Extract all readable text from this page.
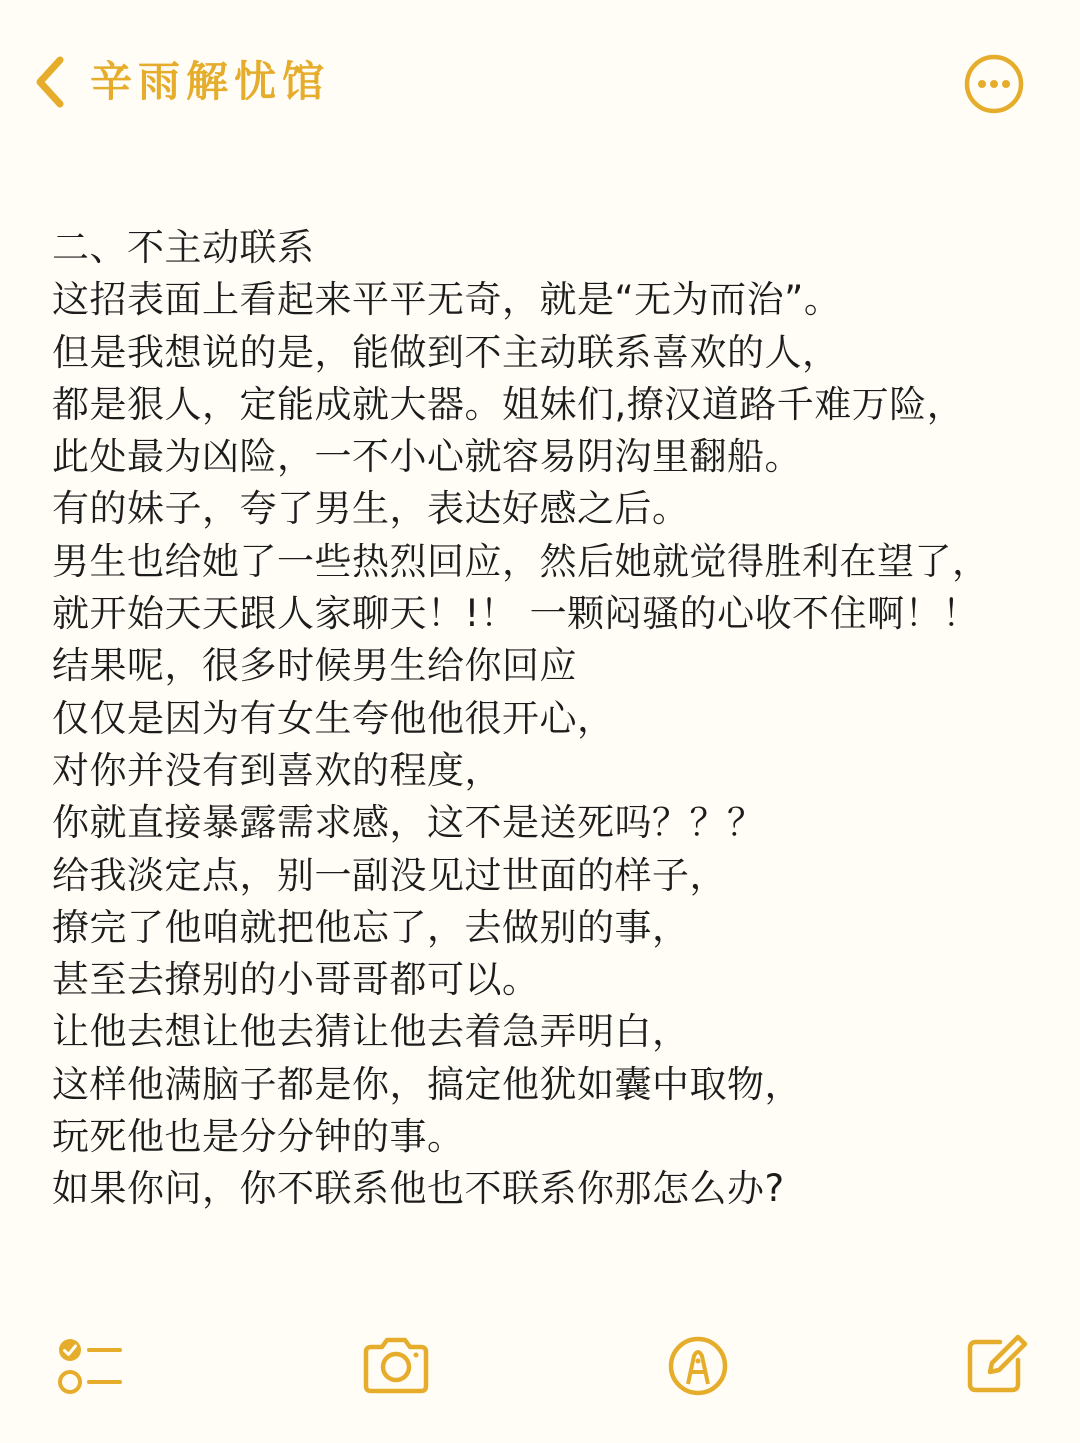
辛雨解忧馆
二、不主动联系
这招表面上看起来平平无奇，就是“无为而治”。
但是我想说的是，能做到不主动联系喜欢的人，
都是狠人，定能成就大器。姐妹们,撩汉道路千难万险，
此处最为凶险，一不小心就容易阴沟里翻船。
有的妹子，夸了男生，表达好感之后。
男生也给她了一些热烈回应，然后她就觉得胜利在望了，
就开始天天跟人家聊天！!！ 一颗闷骚的心收不住啊！！
结果呢，很多时候男生给你回应
仅仅是因为有女生夸他他很开心，
对你并没有到喜欢的程度，
你就直接暴露需求感，这不是送死吗？？？
给我淡定点，别一副没见过世面的样子，
撩完了他咱就把他忘了，去做别的事，
甚至去撩别的小哥哥都可以。
让他去想让他去猜让他去着急弄明白，
这样他满脑子都是你，搞定他犹如囊中取物，
玩死他也是分分钟的事。
如果你问，你不联系他也不联系你那怎么办?
